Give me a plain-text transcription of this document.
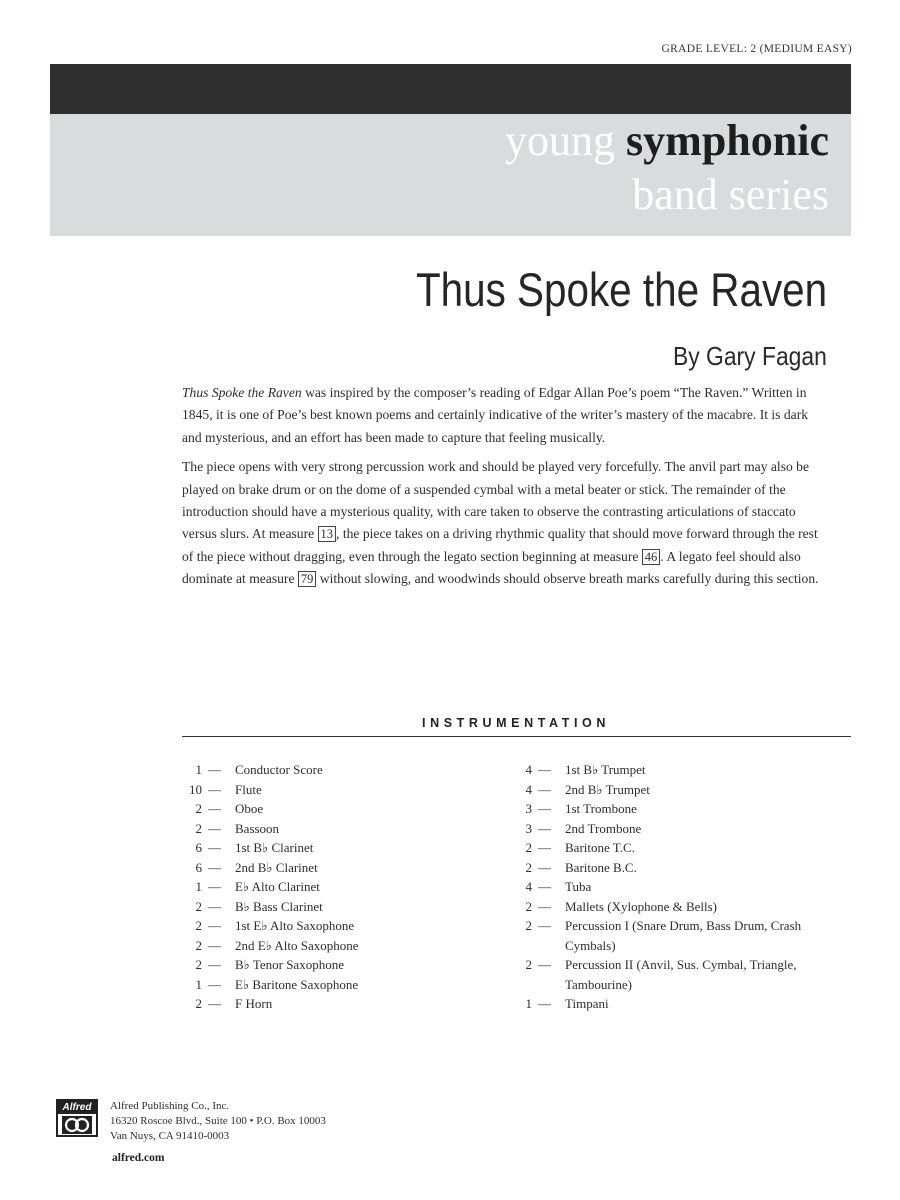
GRADE LEVEL: 2 (MEDIUM EASY)
young symphonic
band series
Thus Spoke the Raven
By Gary Fagan

Thus Spoke the Raven was inspired by the composer’s reading of Edgar Allan Poe’s poem “The Raven.” Written in 1845, it is one of Poe’s best known poems and certainly indicative of the writer’s mastery of the macabre. It is dark and mysterious, and an effort has been made to capture that feeling musically.

The piece opens with very strong percussion work and should be played very forcefully. The anvil part may also be played on brake drum or on the dome of a suspended cymbal with a metal beater or stick. The remainder of the introduction should have a mysterious quality, with care taken to observe the contrasting articulations of staccato versus slurs. At measure 13 , the piece takes on a driving rhythmic quality that should move forward through the rest of the piece without dragging, even through the legato section beginning at measure 46 . A legato feel should also dominate at measure 79 without slowing, and woodwinds should observe breath marks carefully during this section.

INSTRUMENTATION
1 —	Conductor Score
10 —	Flute
2 —	Oboe
2 —	Bassoon
6 —	1st B♭ Clarinet
6 —	2nd B♭ Clarinet
1 —	E♭ Alto Clarinet
2 —	B♭ Bass Clarinet
2 —	1st E♭ Alto Saxophone
2 —	2nd E♭ Alto Saxophone
2 —	B♭ Tenor Saxophone
1 —	E♭ Baritone Saxophone
2 —	F Horn
4 —	1st B♭ Trumpet
4 —	2nd B♭ Trumpet
3 —	1st Trombone
3 —	2nd Trombone
2 —	Baritone T.C.
2 —	Baritone B.C.
4 —	Tuba
2 —	Mallets (Xylophone & Bells)
2 —	Percussion I (Snare Drum, Bass Drum, Crash Cymbals)
2 —	Percussion II (Anvil, Sus. Cymbal, Triangle, Tambourine)
1 —	Timpani
Alfred	Alfred Publishing Co., Inc.
16320 Roscoe Blvd., Suite 100 • P.O. Box 10003
Van Nuys, CA 91410-0003
alfred.com
